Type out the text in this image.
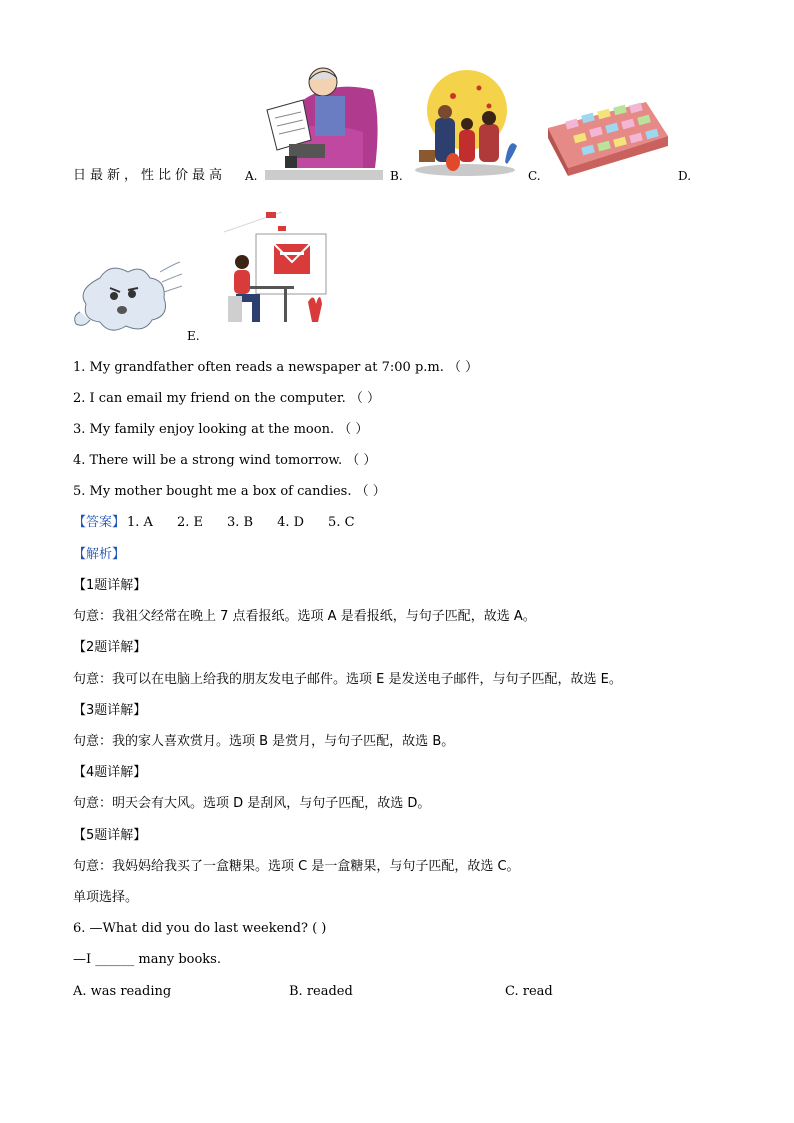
日最新，性比价最高 A.	B.	C.	D.
E.
1. My grandfather often reads a newspaper at 7:00 p.m. （ ）
2. I can email my friend on the computer. （ ）
3. My family enjoy looking at the moon. （ ）
4. There will be a strong wind tomorrow. （ ）
5. My mother bought me a box of candies. （ ）
【答案】 1. A 2. E 3. B 4. D 5. C
【解析】
【1题详解】
句意：我祖父经常在晚上 7 点看报纸。选项 A 是看报纸，与句子匹配，故选 A。
【2题详解】
句意：我可以在电脑上给我的朋友发电子邮件。选项 E 是发送电子邮件，与句子匹配，故选 E。
【3题详解】
句意：我的家人喜欢赏月。选项 B 是赏月，与句子匹配，故选 B。
【4题详解】
句意：明天会有大风。选项 D 是刮风，与句子匹配，故选 D。
【5题详解】
句意：我妈妈给我买了一盒糖果。选项 C 是一盒糖果，与句子匹配，故选 C。
单项选择。
6. —What did you do last weekend? ( )
—I ______ many books.
A. was reading	B. readed	C. read
